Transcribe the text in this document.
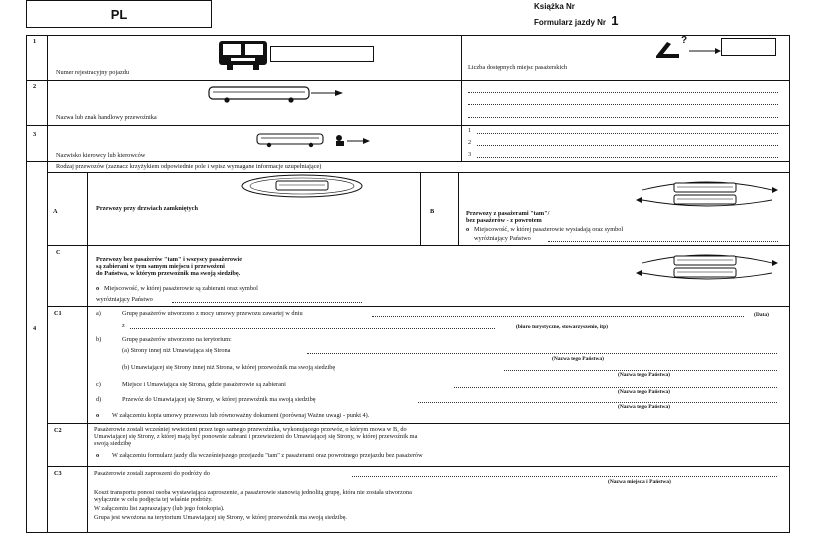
PL
Książka Nr
Formularz jazdy Nr 1
1
Numer rejestracyjny pojazdu
?
Liczba dostępnych miejsc pasażerskich
2
Nazwa lub znak handlowy przewoźnika
3
Nazwisko kierowcy lub kierowców
1
2
3
4
Rodzaj przewozów (zaznacz krzyżykiem odpowiednie pole i wpisz wymagane informacje uzupełniające)
A	Przewozy przy drzwiach zamkniętych	B	Przewozy z pasażerami "tam"/
bez pasażerów - z powrotem
o Miejscowość, w której pasażerowie wysiadają oraz symbol
wyróżniający Państwo
C
Przewozy bez pasażerów "tam" i wszyscy pasażerowie
są zabierani w tym samym miejscu i przewożeni
do Państwa, w którym przewoźnik ma swoją siedzibę.
o Miejscowość, w której pasażerowie są zabierani oraz symbol
wyróżniający Państwo
C1	a)	Grupę pasażerów utworzono z mocy umowy przewozu zawartej w dniu	(Data)
z	(biuro turystyczne, stowarzyszenie, itp)
b)	Grupę pasażerów utworzono na terytorium:
(a) Strony innej niż Umawiająca się Strona
(Nazwa tego Państwa)
(b) Umawiającej się Strony innej niż Strona, w której przewoźnik ma swoją siedzibę
(Nazwa tego Państwa)
c)	Miejsce i Umawiająca się Strona, gdzie pasażerowie są zabierani
(Nazwa tego Państwa)
d)	Przewóz do Umawiającej się Strony, w której przewoźnik ma swoją siedzibę
(Nazwa tego Państwa)
o W załączeniu kopia umowy przewozu lub równoważny dokument (porównaj Ważne uwagi - punkt 4).
C2	Pasażerowie zostali wcześniej wwiezieni przez tego samego przewoźnika, wykonującego przewóz, o którym mowa w B, do
Umawiającej się Strony, z której mają być ponownie zabrani i przewiezieni do Umawiającej się Strony, w której przewoźnik ma
swoją siedzibę
o W załączeniu formularz jazdy dla wcześniejszego przejazdu "tam" z pasażerami oraz powrotnego przejazdu bez pasażerów
C3	Pasażerowie zostali zaproszeni do podróży do
(Nazwa miejsca i Państwa)
Koszt transportu ponosi osoba wystawiająca zaproszenie, a pasażerowie stanowią jednolitą grupę, która nie została utworzona
wyłącznie w celu podjęcia tej właśnie podróży.
W załączeniu list zapraszający (lub jego fotokopia).
Grupa jest wwożona na terytorium Umawiającej się Strony, w której przewoźnik ma swoją siedzibę.
